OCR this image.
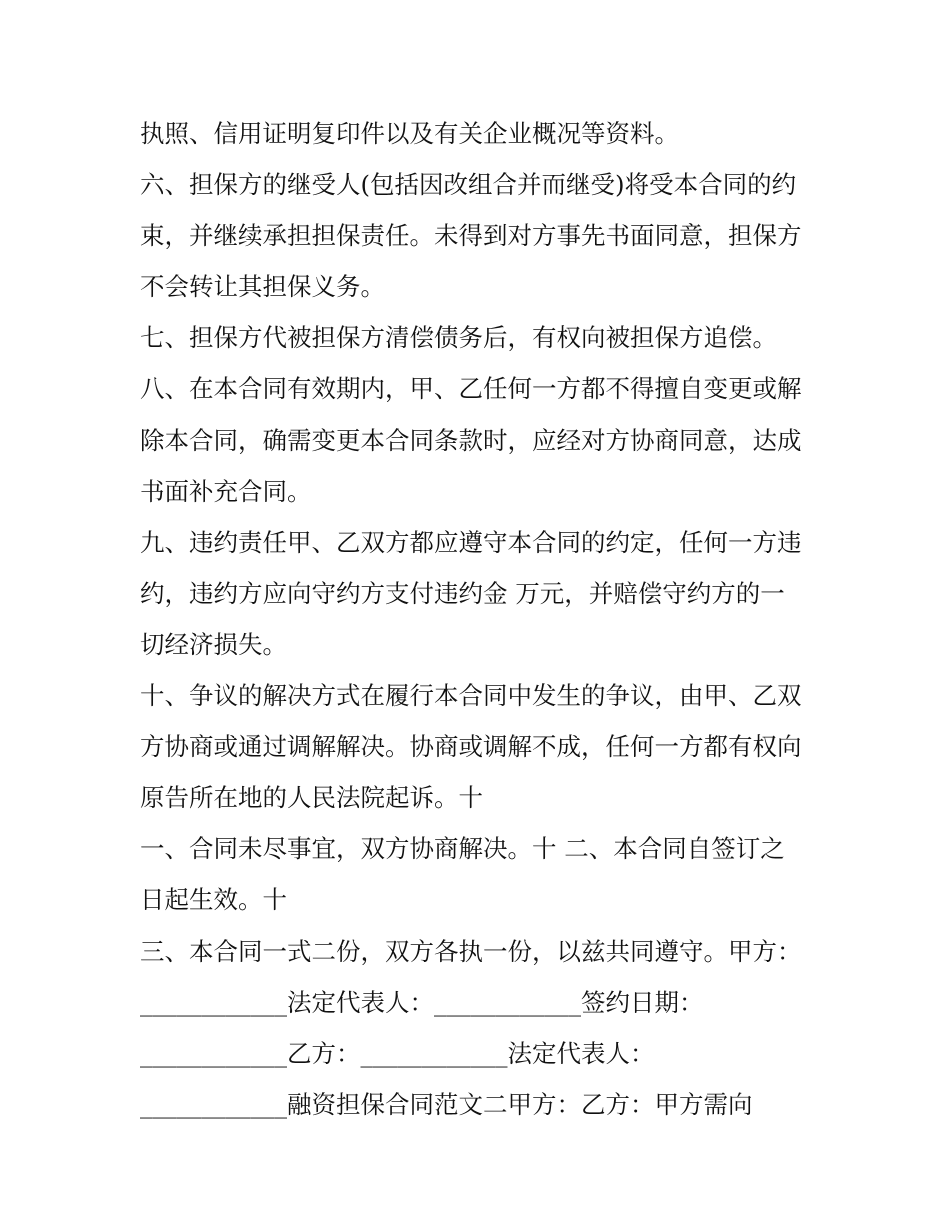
执照、信用证明复印件以及有关企业概况等资料。
六、担保方的继受人(包括因改组合并而继受)将受本合同的约
束，并继续承担担保责任。未得到对方事先书面同意，担保方
不会转让其担保义务。
七、担保方代被担保方清偿债务后，有权向被担保方追偿。
八、在本合同有效期内，甲、乙任何一方都不得擅自变更或解
除本合同，确需变更本合同条款时，应经对方协商同意，达成
书面补充合同。
九、违约责任甲、乙双方都应遵守本合同的约定，任何一方违
约，违约方应向守约方支付违约金 万元，并赔偿守约方的一
切经济损失。
十、争议的解决方式在履行本合同中发生的争议，由甲、乙双
方协商或通过调解解决。协商或调解不成，任何一方都有权向
原告所在地的人民法院起诉。十
一、合同未尽事宜，双方协商解决。十 二、本合同自签订之
日起生效。十
三、本合同一式二份，双方各执一份，以兹共同遵守。甲方：
____________法定代表人：____________签约日期：
____________乙方：____________法定代表人：
____________融资担保合同范文二甲方：乙方：甲方需向
